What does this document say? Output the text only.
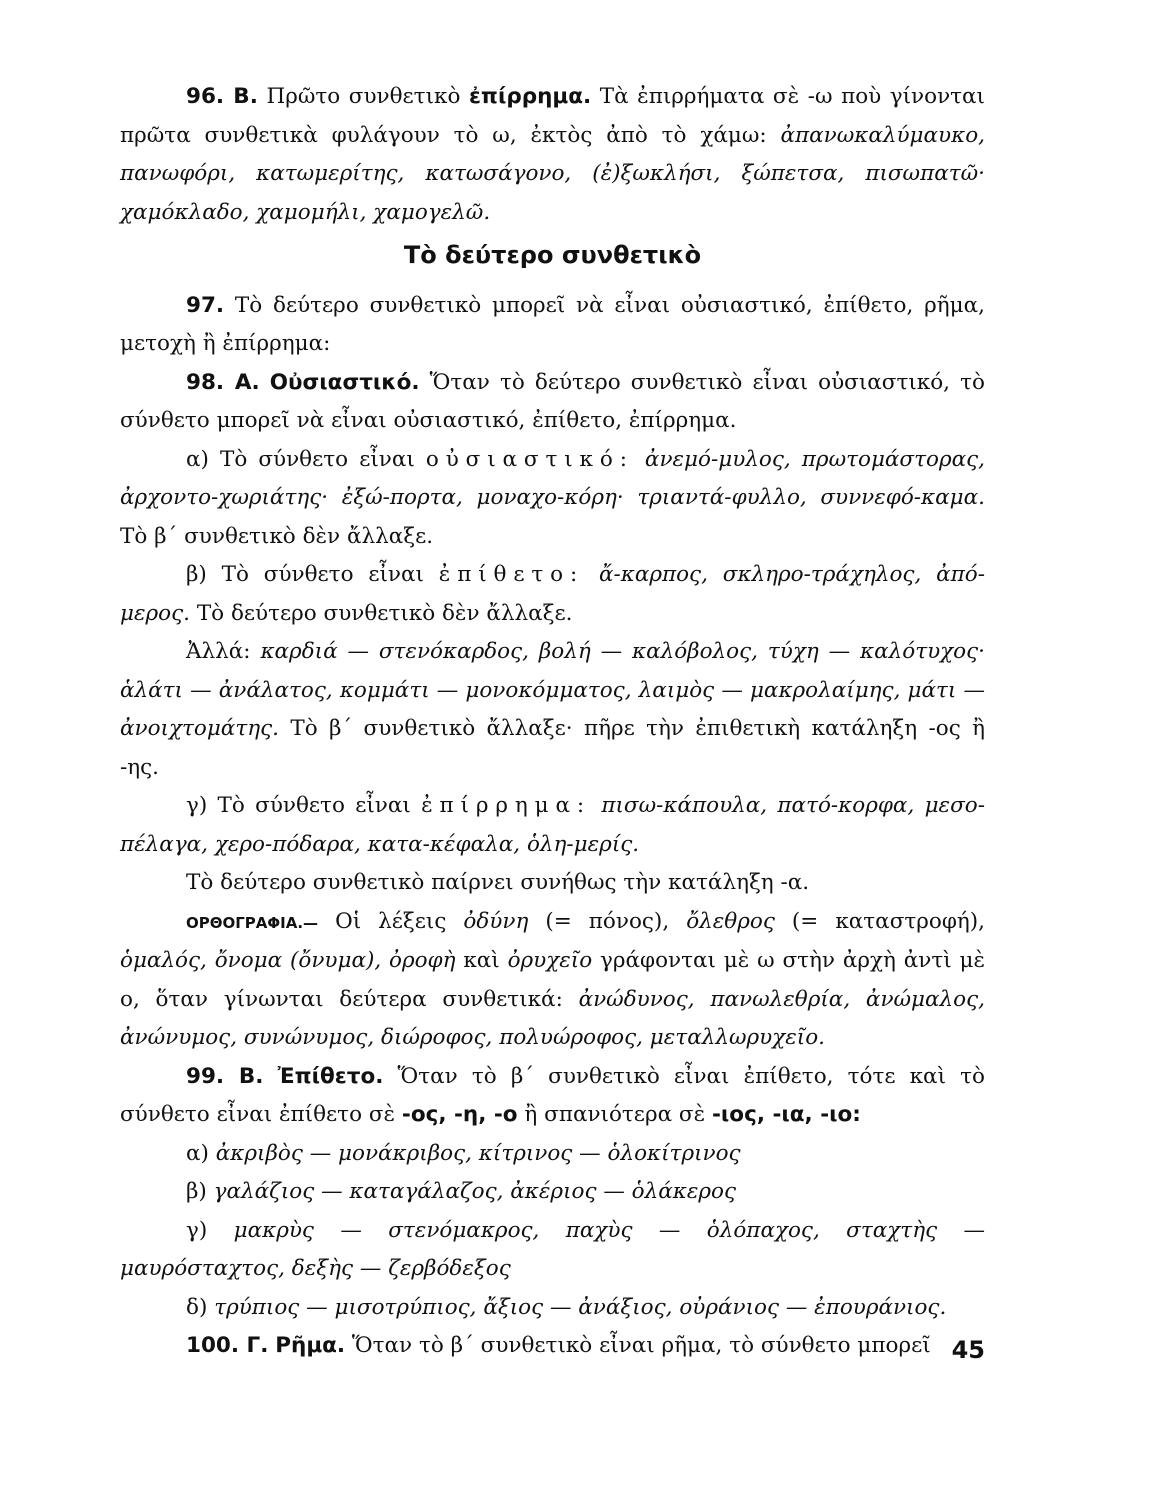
96. Β. Πρῶτο συνθετικὸ ἐπίρρημα. Τὰ ἐπιρρήματα σὲ -ω ποὺ γίνονται πρῶτα συνθετικὰ φυλάγουν τὸ ω, ἐκτὸς ἀπὸ τὸ χάμω: ἀπανωκαλύμαυκο, πανωφόρι, κατωμερίτης, κατωσάγονο, (ἐ)ξωκλήσι, ξώπετσα, πισωπατῶ· χαμόκλαδο, χαμομήλι, χαμογελῶ.

Τὸ δεύτερο συνθετικὸ

97. Τὸ δεύτερο συνθετικὸ μπορεῖ νὰ εἶναι οὐσιαστικό, ἐπίθετο, ρῆμα, μετοχὴ ἢ ἐπίρρημα:

98. Α. Οὐσιαστικό. Ὅταν τὸ δεύτερο συνθετικὸ εἶναι οὐσιαστικό, τὸ σύνθετο μπορεῖ νὰ εἶναι οὐσιαστικό, ἐπίθετο, ἐπίρρημα.

α) Τὸ σύνθετο εἶναι οὐσιαστικό: ἀνεμό-μυλος, πρωτομάστορας, ἀρχοντο-χωριάτης· ἐξώ-πορτα, μοναχο-κόρη· τριαντά-φυλλο, συννεφό-καμα. Τὸ β΄ συνθετικὸ δὲν ἄλλαξε.

β) Τὸ σύνθετο εἶναι ἐπίθετο: ἄ-καρπος, σκληρο-τράχηλος, ἀπό-μερος. Τὸ δεύτερο συνθετικὸ δὲν ἄλλαξε.

Ἀλλά: καρδιά — στενόκαρδος, βολή — καλόβολος, τύχη — καλότυχος· ἁλάτι — ἀνάλατος, κομμάτι — μονοκόμματος, λαιμὸς — μακρολαίμης, μάτι — ἀνοιχτομάτης. Τὸ β΄ συνθετικὸ ἄλλαξε· πῆρε τὴν ἐπιθετικὴ κατάληξη -ος ἢ -ης.

γ) Τὸ σύνθετο εἶναι ἐπίρρημα: πισω-κάπουλα, πατό-κορφα, μεσο-πέλαγα, χερο-πόδαρα, κατα-κέφαλα, ὁλη-μερίς.

Τὸ δεύτερο συνθετικὸ παίρνει συνήθως τὴν κατάληξη -α.

ΟΡΘΟΓΡΑΦΙΑ.— Οἱ λέξεις ὀδύνη (= πόνος), ὄλεθρος (= καταστροφή), ὁμαλός, ὄνομα (ὄνυμα), ὀροφὴ καὶ ὀρυχεῖο γράφονται μὲ ω στὴν ἀρχὴ ἀντὶ μὲ ο, ὅταν γίνωνται δεύτερα συνθετικά: ἀνώδυνος, πανωλεθρία, ἀνώμαλος, ἀνώνυμος, συνώνυμος, διώροφος, πολυώροφος, μεταλλωρυχεῖο.

99. Β. Ἐπίθετο. Ὅταν τὸ β΄ συνθετικὸ εἶναι ἐπίθετο, τότε καὶ τὸ σύνθετο εἶναι ἐπίθετο σὲ -ος, -η, -ο ἢ σπανιότερα σὲ -ιος, -ια, -ιο:

α) ἀκριβὸς — μονάκριβος, κίτρινος — ὁλοκίτρινος

β) γαλάζιος — καταγάλαζος, ἀκέριος — ὁλάκερος

γ) μακρὺς — στενόμακρος, παχὺς — ὁλόπαχος, σταχτὴς — μαυρόσταχτος, δεξὴς — ζερβόδεξος

δ) τρύπιος — μισοτρύπιος, ἄξιος — ἀνάξιος, οὐράνιος — ἐπουράνιος.

100. Γ. Ρῆμα. Ὅταν τὸ β΄ συνθετικὸ εἶναι ρῆμα, τὸ σύνθετο μπορεῖ 45
